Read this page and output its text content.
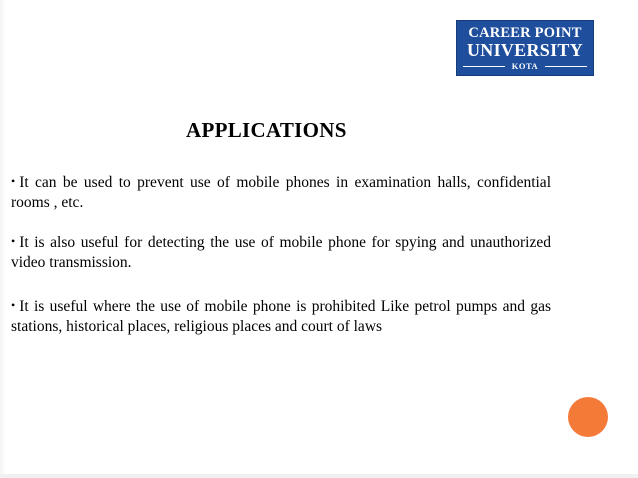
CAREER POINT
UNIVERSITY
KOTA
APPLICATIONS
• It can be used to prevent use of mobile phones in examination halls, confidential rooms , etc.
• It is also useful for detecting the use of mobile phone for spying and unauthorized video transmission.
• It is useful where the use of mobile phone is prohibited Like petrol pumps and gas stations, historical places, religious places and court of laws
